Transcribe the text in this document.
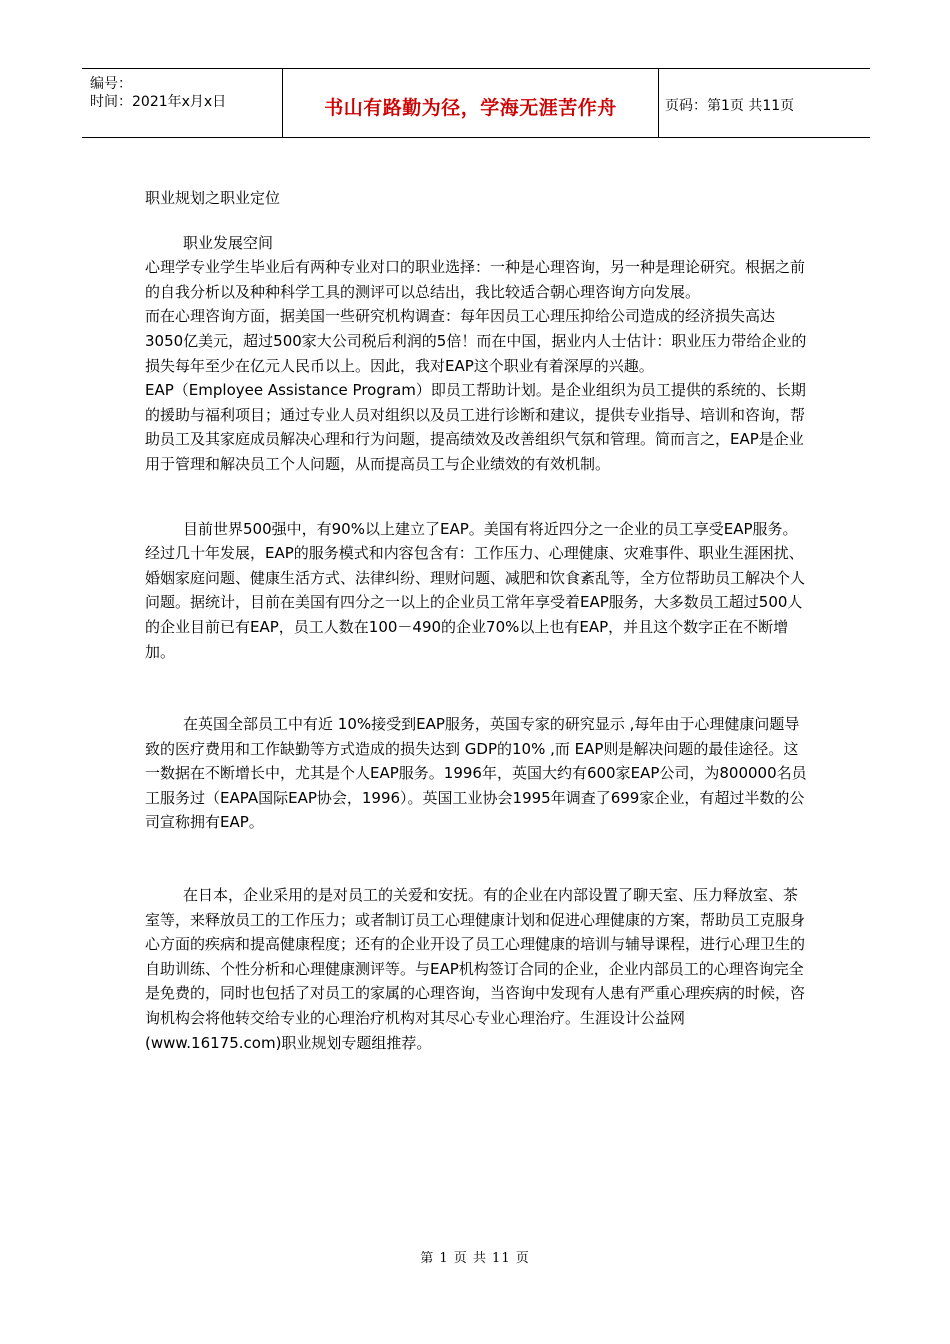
编号：
时间：2021年x月x日	书山有路勤为径，学海无涯苦作舟	页码：第1页 共11页

职业规划之职业定位

职业发展空间

心理学专业学生毕业后有两种专业对口的职业选择：一种是心理咨询，另一种是理论研究。根据之前的自我分析以及种种科学工具的测评可以总结出，我比较适合朝心理咨询方向发展。

而在心理咨询方面，据美国一些研究机构调查：每年因员工心理压抑给公司造成的经济损失高达3050亿美元，超过500家大公司税后利润的5倍！而在中国，据业内人士估计：职业压力带给企业的损失每年至少在亿元人民币以上。因此，我对EAP这个职业有着深厚的兴趣。

EAP（Employee Assistance Program）即员工帮助计划。是企业组织为员工提供的系统的、长期的援助与福利项目；通过专业人员对组织以及员工进行诊断和建议，提供专业指导、培训和咨询，帮助员工及其家庭成员解决心理和行为问题，提高绩效及改善组织气氛和管理。简而言之，EAP是企业用于管理和解决员工个人问题，从而提高员工与企业绩效的有效机制。

目前世界500强中，有90%以上建立了EAP。美国有将近四分之一企业的员工享受EAP服务。经过几十年发展，EAP的服务模式和内容包含有：工作压力、心理健康、灾难事件、职业生涯困扰、婚姻家庭问题、健康生活方式、法律纠纷、理财问题、减肥和饮食紊乱等，全方位帮助员工解决个人问题。据统计，目前在美国有四分之一以上的企业员工常年享受着EAP服务，大多数员工超过500人的企业目前已有EAP，员工人数在100－490的企业70%以上也有EAP，并且这个数字正在不断增加。

在英国全部员工中有近 10%接受到EAP服务，英国专家的研究显示 ,每年由于心理健康问题导致的医疗费用和工作缺勤等方式造成的损失达到 GDP的10% ,而 EAP则是解决问题的最佳途径。这一数据在不断增长中，尤其是个人EAP服务。1996年，英国大约有600家EAP公司，为800000名员工服务过（EAPA国际EAP协会，1996）。英国工业协会1995年调查了699家企业，有超过半数的公司宣称拥有EAP。

在日本，企业采用的是对员工的关爱和安抚。有的企业在内部设置了聊天室、压力释放室、茶室等，来释放员工的工作压力；或者制订员工心理健康计划和促进心理健康的方案，帮助员工克服身心方面的疾病和提高健康程度；还有的企业开设了员工心理健康的培训与辅导课程，进行心理卫生的自助训练、个性分析和心理健康测评等。与EAP机构签订合同的企业，企业内部员工的心理咨询完全是免费的，同时也包括了对员工的家属的心理咨询，当咨询中发现有人患有严重心理疾病的时候，咨询机构会将他转交给专业的心理治疗机构对其尽心专业心理治疗。生涯设计公益网(www.16175.com)职业规划专题组推荐。

第 1 页 共 11 页
